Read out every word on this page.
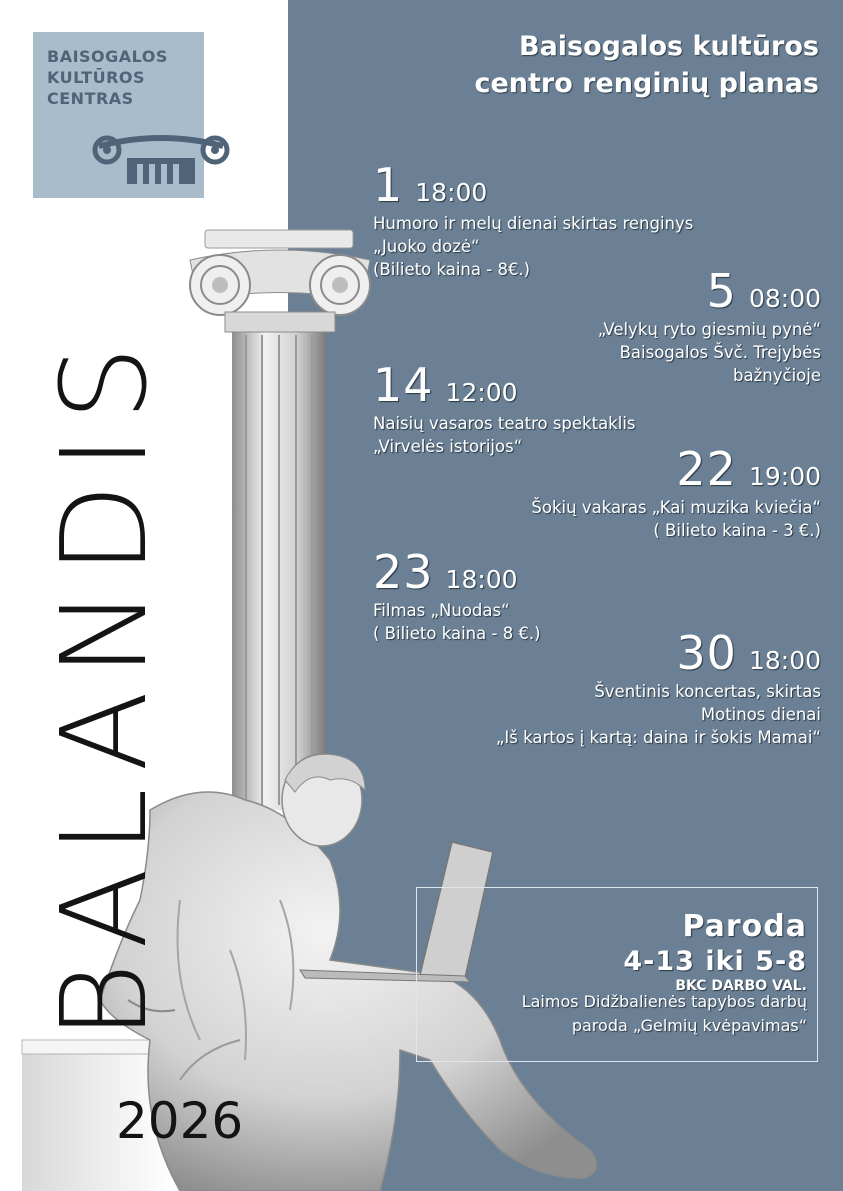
BAISOGALOS
KULTŪROS
CENTRAS
BALANDIS
2026
Baisogalos kultūros
centro renginių planas
1 18:00
Humoro ir melų dienai skirtas renginys
„Juoko dozė“
(Bilieto kaina - 8€.)	5 08:00
„Velykų ryto giesmių pynė“
Baisogalos Švč. Trejybės
bažnyčioje
14 12:00
Naisių vasaros teatro spektaklis
„Virvelės istorijos“	22 19:00
Šokių vakaras „Kai muzika kviečia“
( Bilieto kaina - 3 €.)
23 18:00
Filmas „Nuodas“
( Bilieto kaina - 8 €.)	30 18:00
Šventinis koncertas, skirtas
Motinos dienai
„Iš kartos į kartą: daina ir šokis Mamai“
Paroda
4-13 iki 5-8
BKC DARBO VAL.
Laimos Didžbalienės tapybos darbų
paroda „Gelmių kvėpavimas“
